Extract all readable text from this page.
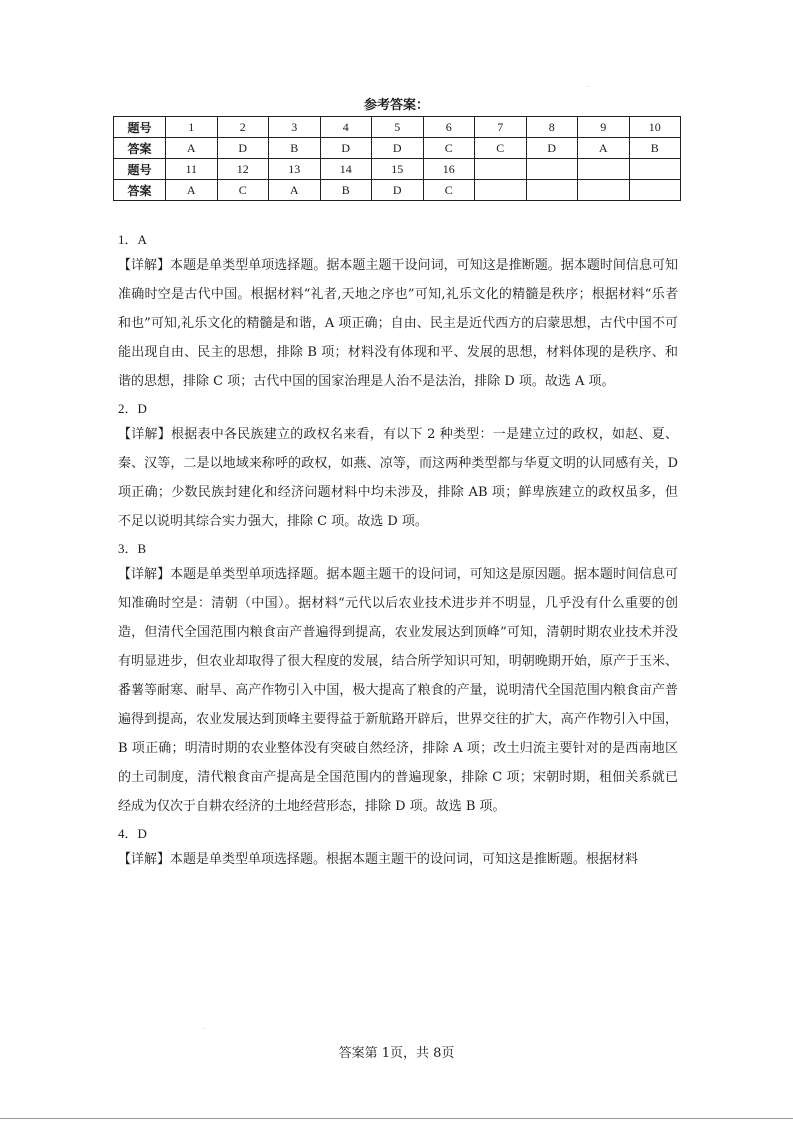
.
参考答案：
题号	1	2	3	4	5	6	7	8	9	10
答案	A	D	B	D	D	C	C	D	A	B
题号	11	12	13	14	15	16				
答案	A	C	A	B	D	C				

1．A

【详解】本题是单类型单项选择题。据本题主题干设问词，可知这是推断题。据本题时间信息可知准确时空是古代中国。根据材料“礼者,天地之序也”可知,礼乐文化的精髓是秩序；根据材料“乐者和也”可知,礼乐文化的精髓是和谐，A 项正确；自由、民主是近代西方的启蒙思想，古代中国不可能出现自由、民主的思想，排除 B 项；材料没有体现和平、发展的思想，材料体现的是秩序、和谐的思想，排除 C 项；古代中国的国家治理是人治不是法治，排除 D 项。故选 A 项。

2．D

【详解】根据表中各民族建立的政权名来看，有以下 2 种类型：一是建立过的政权，如赵、夏、秦、汉等，二是以地域来称呼的政权，如燕、凉等，而这两种类型都与华夏文明的认同感有关，D 项正确；少数民族封建化和经济问题材料中均未涉及，排除 AB 项；鲜卑族建立的政权虽多，但不足以说明其综合实力强大，排除 C 项。故选 D 项。

3．B

【详解】本题是单类型单项选择题。据本题主题干的设问词，可知这是原因题。据本题时间信息可知准确时空是：清朝（中国）。据材料“元代以后农业技术进步并不明显，几乎没有什么重要的创造，但清代全国范围内粮食亩产普遍得到提高，农业发展达到顶峰”可知，清朝时期农业技术并没有明显进步，但农业却取得了很大程度的发展，结合所学知识可知，明朝晚期开始，原产于玉米、番薯等耐寒、耐旱、高产作物引入中国，极大提高了粮食的产量，说明清代全国范围内粮食亩产普遍得到提高，农业发展达到顶峰主要得益于新航路开辟后，世界交往的扩大，高产作物引入中国，B 项正确；明清时期的农业整体没有突破自然经济，排除 A 项；改土归流主要针对的是西南地区的土司制度，清代粮食亩产提高是全国范围内的普遍现象，排除 C 项；宋朝时期，租佃关系就已经成为仅次于自耕农经济的土地经营形态，排除 D 项。故选 B 项。

4．D

【详解】本题是单类型单项选择题。根据本题主题干的设问词，可知这是推断题。根据材料

.
答案第 1页，共 8页
